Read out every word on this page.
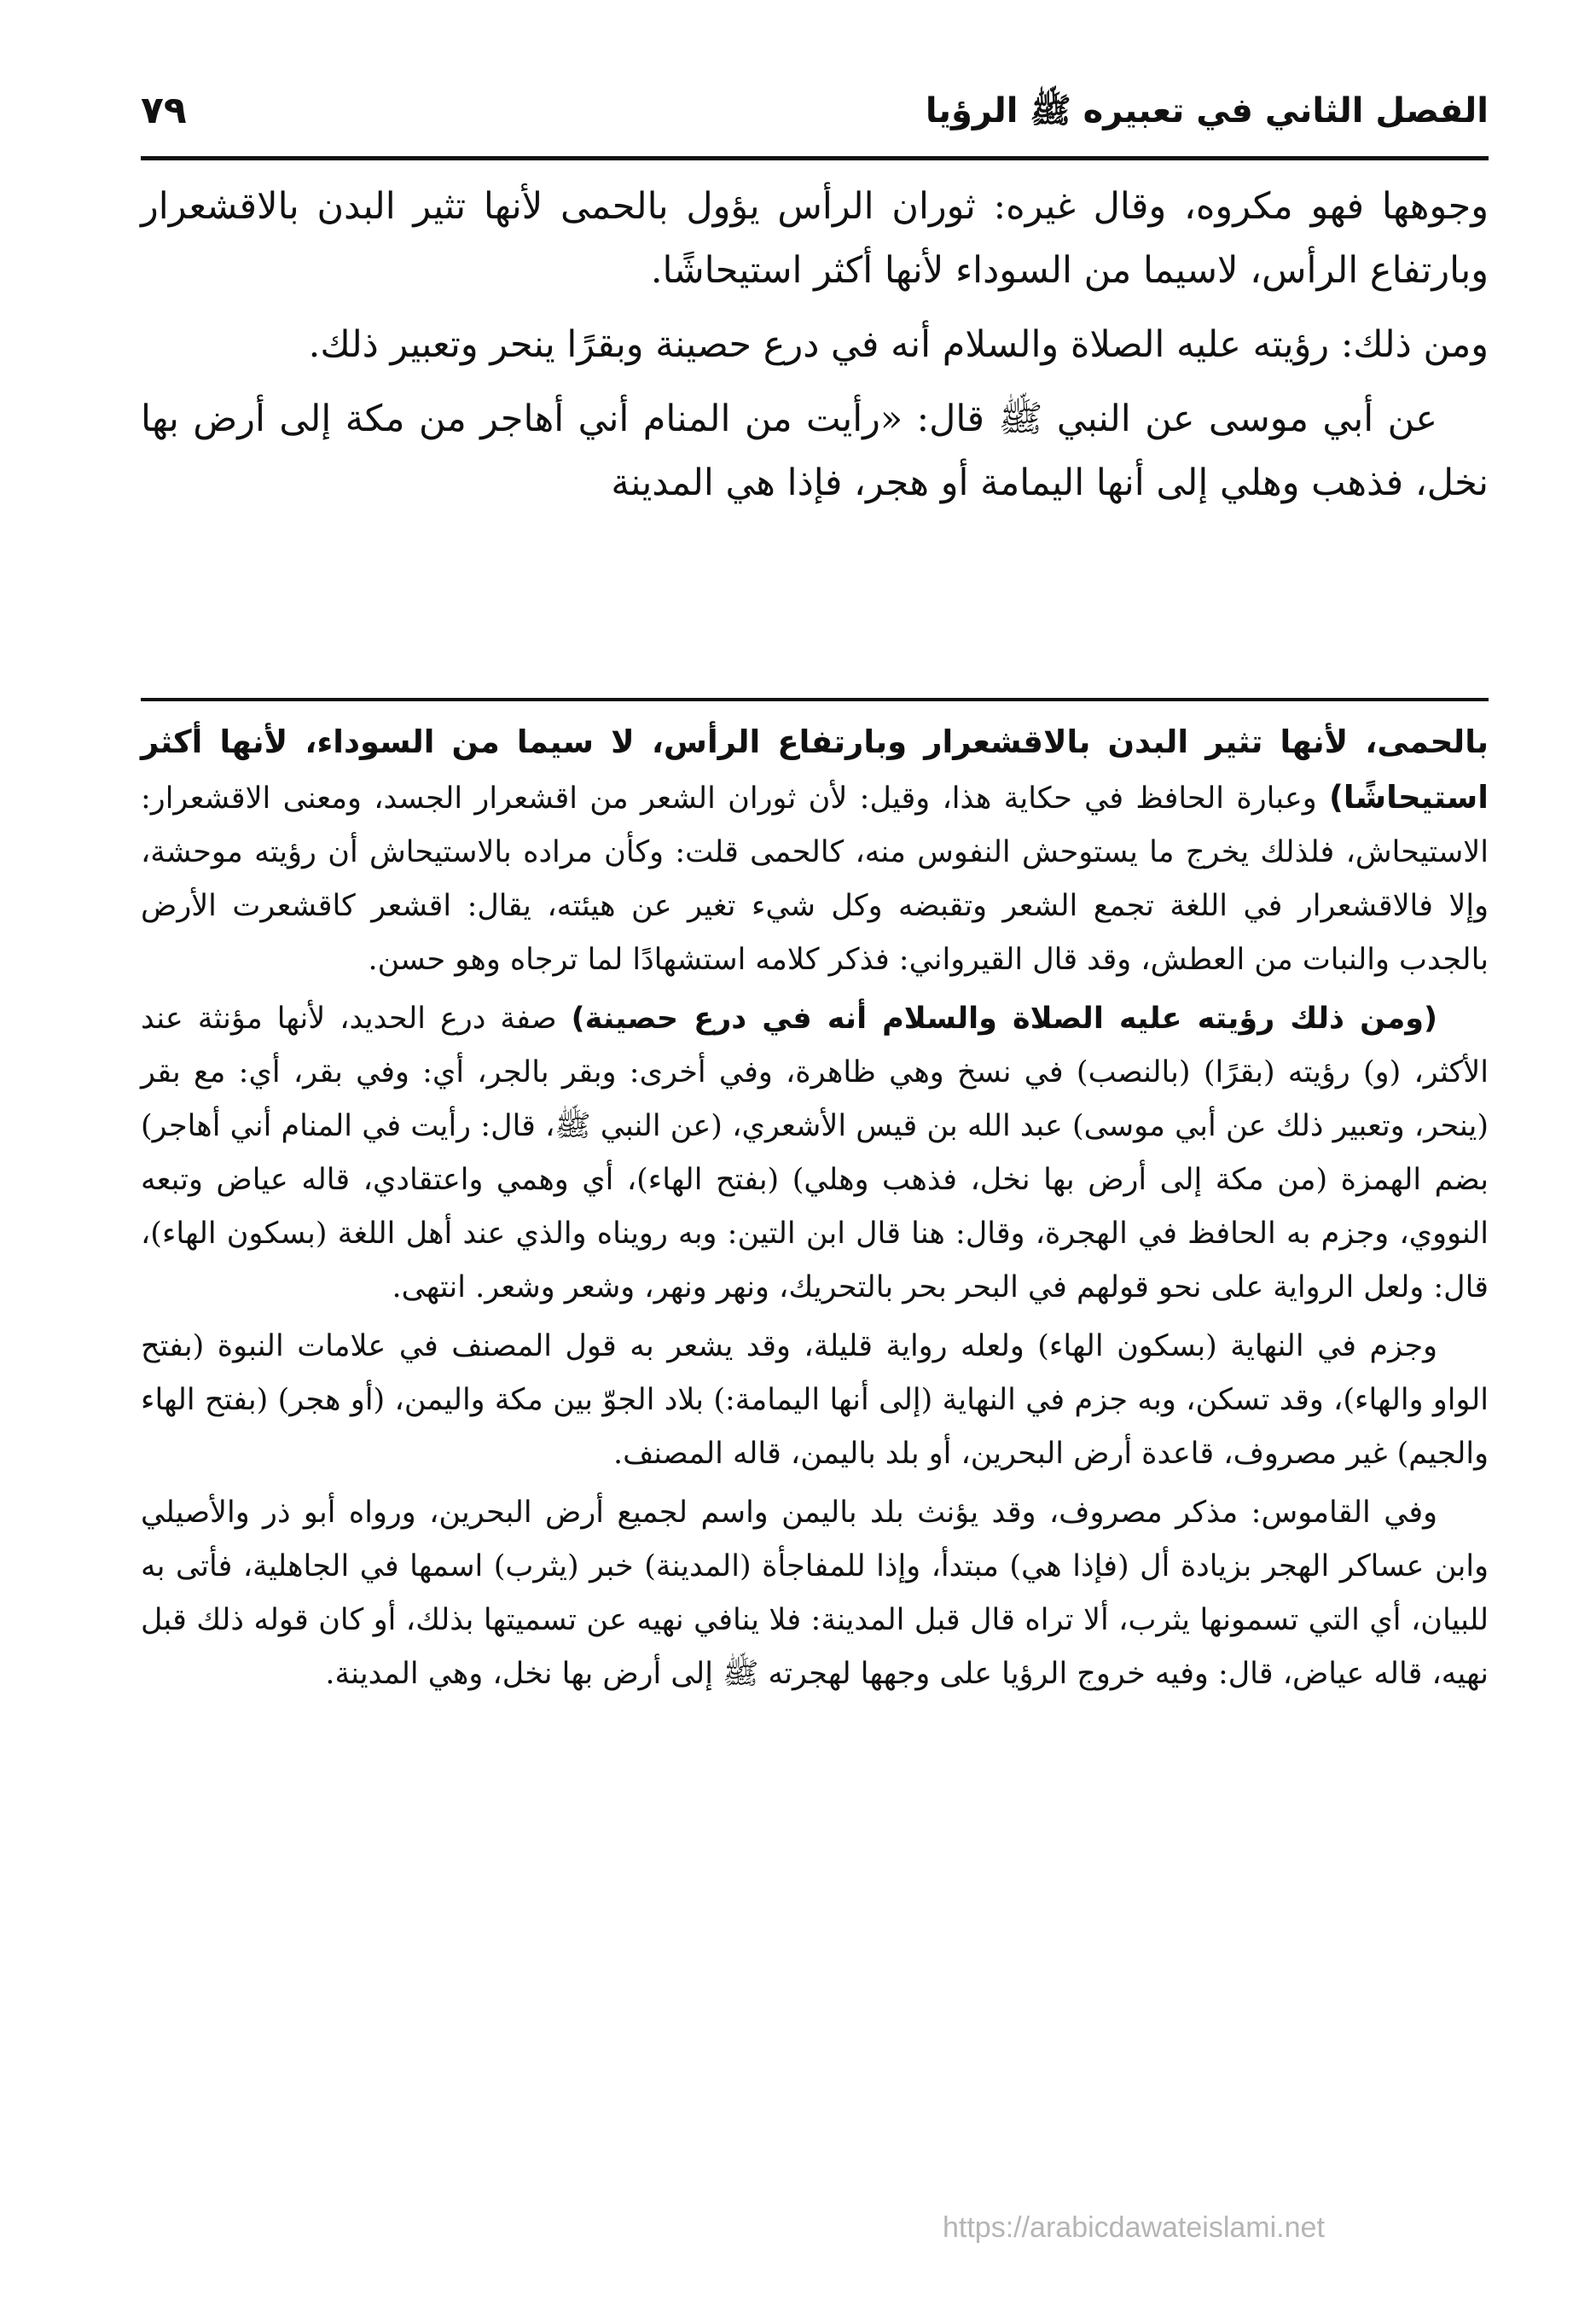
الفصل الثاني في تعبيره ﷺ الرؤيا
٧٩

وجوهها فهو مكروه، وقال غيره: ثوران الرأس يؤول بالحمى لأنها تثير البدن بالاقشعرار وبارتفاع الرأس، لاسيما من السوداء لأنها أكثر استيحاشًا.

ومن ذلك: رؤيته عليه الصلاة والسلام أنه في درع حصينة وبقرًا ينحر وتعبير ذلك.

عن أبي موسى عن النبي ﷺ قال: «رأيت من المنام أني أهاجر من مكة إلى أرض بها نخل، فذهب وهلي إلى أنها اليمامة أو هجر، فإذا هي المدينة

بالحمى، لأنها تثير البدن بالاقشعرار وبارتفاع الرأس، لا سيما من السوداء، لأنها أكثر استيحاشًا) وعبارة الحافظ في حكاية هذا، وقيل: لأن ثوران الشعر من اقشعرار الجسد، ومعنى الاقشعرار: الاستيحاش، فلذلك يخرج ما يستوحش النفوس منه، كالحمى قلت: وكأن مراده بالاستيحاش أن رؤيته موحشة، وإلا فالاقشعرار في اللغة تجمع الشعر وتقبضه وكل شيء تغير عن هيئته، يقال: اقشعر كاقشعرت الأرض بالجدب والنبات من العطش، وقد قال القيرواني: فذكر كلامه استشهادًا لما ترجاه وهو حسن.

(ومن ذلك رؤيته عليه الصلاة والسلام أنه في درع حصينة) صفة درع الحديد، لأنها مؤنثة عند الأكثر، (و) رؤيته (بقرًا) (بالنصب) في نسخ وهي ظاهرة، وفي أخرى: وبقر بالجر، أي: وفي بقر، أي: مع بقر (ينحر، وتعبير ذلك عن أبي موسى) عبد الله بن قيس الأشعري، (عن النبي ﷺ، قال: رأيت في المنام أني أهاجر) بضم الهمزة (من مكة إلى أرض بها نخل، فذهب وهلي) (بفتح الهاء)، أي وهمي واعتقادي، قاله عياض وتبعه النووي، وجزم به الحافظ في الهجرة، وقال: هنا قال ابن التين: وبه رويناه والذي عند أهل اللغة (بسكون الهاء)، قال: ولعل الرواية على نحو قولهم في البحر بحر بالتحريك، ونهر ونهر، وشعر وشعر. انتهى.

وجزم في النهاية (بسكون الهاء) ولعله رواية قليلة، وقد يشعر به قول المصنف في علامات النبوة (بفتح الواو والهاء)، وقد تسكن، وبه جزم في النهاية (إلى أنها اليمامة:) بلاد الجوّ بين مكة واليمن، (أو هجر) (بفتح الهاء والجيم) غير مصروف، قاعدة أرض البحرين، أو بلد باليمن، قاله المصنف.

وفي القاموس: مذكر مصروف، وقد يؤنث بلد باليمن واسم لجميع أرض البحرين، ورواه أبو ذر والأصيلي وابن عساكر الهجر بزيادة أل (فإذا هي) مبتدأ، وإذا للمفاجأة (المدينة) خبر (يثرب) اسمها في الجاهلية، فأتى به للبيان، أي التي تسمونها يثرب، ألا تراه قال قبل المدينة: فلا ينافي نهيه عن تسميتها بذلك، أو كان قوله ذلك قبل نهيه، قاله عياض، قال: وفيه خروج الرؤيا على وجهها لهجرته ﷺ إلى أرض بها نخل، وهي المدينة.

https://arabicdawateislami.net
